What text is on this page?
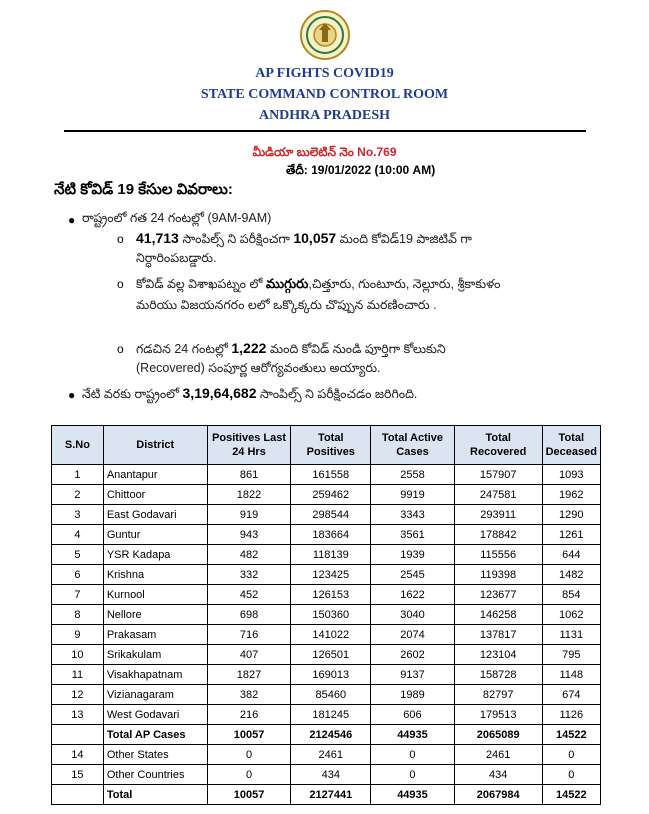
AP FIGHTS COVID19
STATE COMMAND CONTROL ROOM
ANDHRA PRADESH
మీడియా బులెటిన్ నెం No.769
తేదీ: 19/01/2022 (10:00 AM)
నేటి కోవిడ్ 19 కేసుల వివరాలు:
● రాష్ట్రంలో గత 24 గంటల్లో (9AM-9AM)
o 41,713 సాంపిల్స్ ని పరీక్షించగా 10,057 మంది కోవిడ్19 పాజిటివ్ గా
నిర్ధారింపబడ్డారు.
o కోవిడ్ వల్ల విశాఖపట్నం లో ముగ్గురు,చిత్తూరు, గుంటూరు, నెల్లూరు, శ్రీకాకుళం
మరియు విజయనగరం లలో ఒక్కొక్కరు చొప్పున మరణించారు .
o గడచిన 24 గంటల్లో 1,222 మంది కోవిడ్ నుండి పూర్తిగా కోలుకుని
(Recovered) సంపూర్ణ ఆరోగ్యవంతులు అయ్యారు.
● నేటి వరకు రాష్ట్రంలో 3,19,64,682 సాంపిల్స్ ని పరీక్షించడం జరిగింది.
S.No	District	Positives Last 24 Hrs	Total Positives	Total Active Cases	Total Recovered	Total Deceased
1	Anantapur	861	161558	2558	157907	1093
2	Chittoor	1822	259462	9919	247581	1962
3	East Godavari	919	298544	3343	293911	1290
4	Guntur	943	183664	3561	178842	1261
5	YSR Kadapa	482	118139	1939	115556	644
6	Krishna	332	123425	2545	119398	1482
7	Kurnool	452	126153	1622	123677	854
8	Nellore	698	150360	3040	146258	1062
9	Prakasam	716	141022	2074	137817	1131
10	Srikakulam	407	126501	2602	123104	795
11	Visakhapatnam	1827	169013	9137	158728	1148
12	Vizianagaram	382	85460	1989	82797	674
13	West Godavari	216	181245	606	179513	1126
	Total AP Cases	10057	2124546	44935	2065089	14522
14	Other States	0	2461	0	2461	0
15	Other Countries	0	434	0	434	0
	Total	10057	2127441	44935	2067984	14522
